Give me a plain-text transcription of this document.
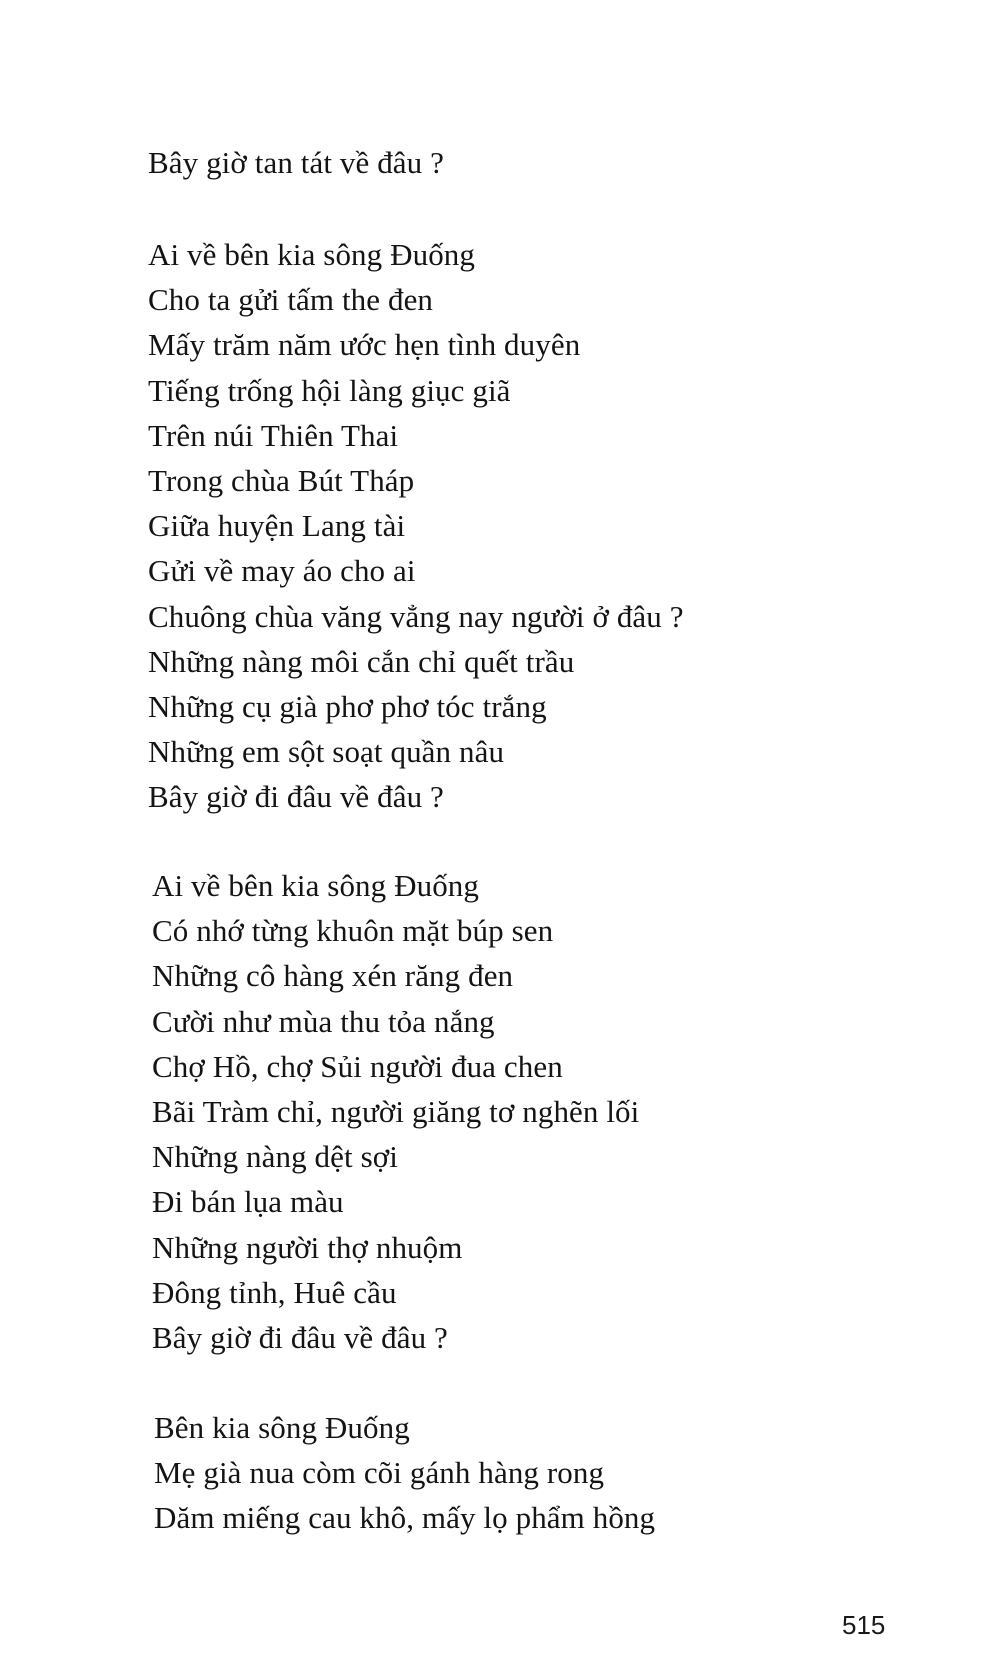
Bây giờ tan tát về đâu ?
Ai về bên kia sông Đuống
Cho ta gửi tấm the đen
Mấy trăm năm ước hẹn tình duyên
Tiếng trống hội làng giục giã
Trên núi Thiên Thai
Trong chùa Bút Tháp
Giữa huyện Lang tài
Gửi về may áo cho ai
Chuông chùa văng vẳng nay người ở đâu ?
Những nàng môi cắn chỉ quết trầu
Những cụ già phơ phơ tóc trắng
Những em sột soạt quần nâu
Bây giờ đi đâu về đâu ?
Ai về bên kia sông Đuống
Có nhớ từng khuôn mặt búp sen
Những cô hàng xén răng đen
Cười như mùa thu tỏa nắng
Chợ Hồ, chợ Sủi người đua chen
Bãi Tràm chỉ, người giăng tơ nghẽn lối
Những nàng dệt sợi
Đi bán lụa màu
Những người thợ nhuộm
Đông tỉnh, Huê cầu
Bây giờ đi đâu về đâu ?
Bên kia sông Đuống
Mẹ già nua còm cõi gánh hàng rong
Dăm miếng cau khô, mấy lọ phẩm hồng
515
